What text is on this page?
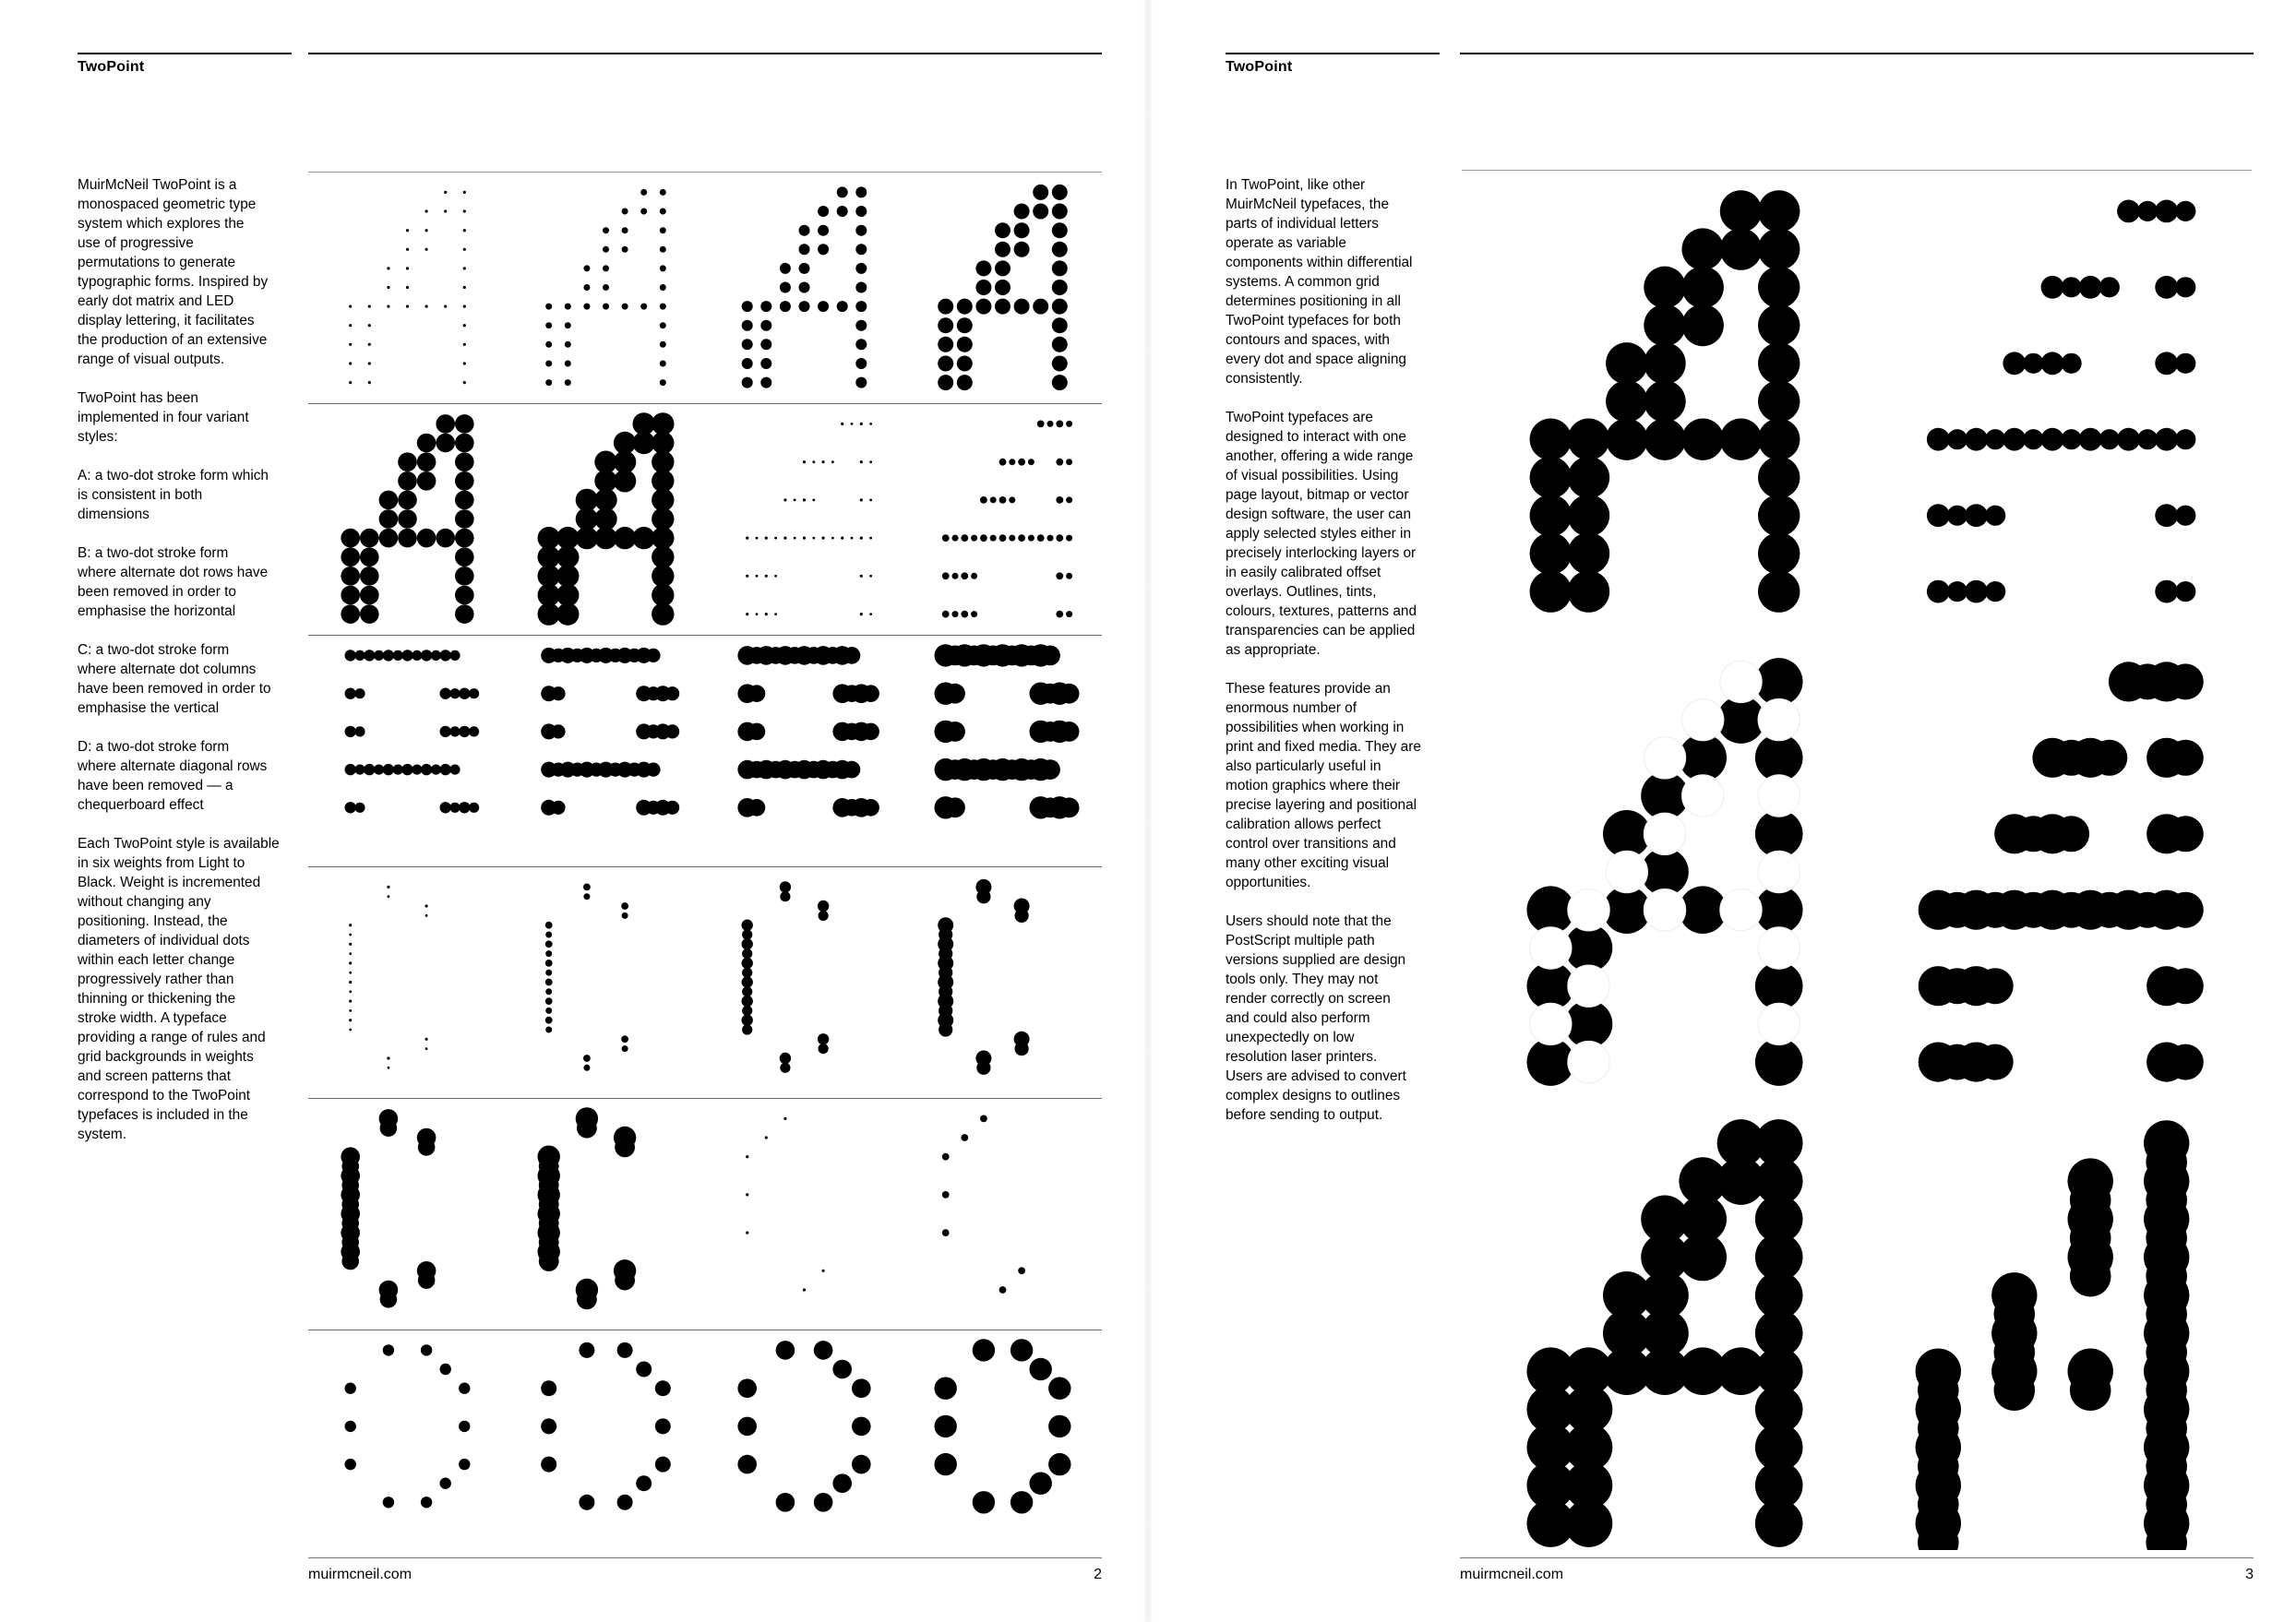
TwoPoint

MuirMcNeil TwoPoint is a
monospaced geometric type
system which explores the
use of progressive
permutations to generate
typographic forms. Inspired by
early dot matrix and LED
display lettering, it facilitates
the production of an extensive
range of visual outputs.

TwoPoint has been
implemented in four variant
styles:

A: a two-dot stroke form which
is consistent in both
dimensions

B: a two-dot stroke form
where alternate dot rows have
been removed in order to
emphasise the horizontal

C: a two-dot stroke form
where alternate dot columns
have been removed in order to
emphasise the vertical

D: a two-dot stroke form
where alternate diagonal rows
have been removed — a
chequerboard effect

Each TwoPoint style is available
in six weights from Light to
Black. Weight is incremented
without changing any
positioning. Instead, the
diameters of individual dots
within each letter change
progressively rather than
thinning or thickening the
stroke width. A typeface
providing a range of rules and
grid backgrounds in weights
and screen patterns that
correspond to the TwoPoint
typefaces is included in the
system.

muirmcneil.com	2
TwoPoint

In TwoPoint, like other
MuirMcNeil typefaces, the
parts of individual letters
operate as variable
components within differential
systems. A common grid
determines positioning in all
TwoPoint typefaces for both
contours and spaces, with
every dot and space aligning
consistently.

TwoPoint typefaces are
designed to interact with one
another, offering a wide range
of visual possibilities. Using
page layout, bitmap or vector
design software, the user can
apply selected styles either in
precisely interlocking layers or
in easily calibrated offset
overlays. Outlines, tints,
colours, textures, patterns and
transparencies can be applied
as appropriate.

These features provide an
enormous number of
possibilities when working in
print and fixed media. They are
also particularly useful in
motion graphics where their
precise layering and positional
calibration allows perfect
control over transitions and
many other exciting visual
opportunities.

Users should note that the
PostScript multiple path
versions supplied are design
tools only. They may not
render correctly on screen
and could also perform
unexpectedly on low
resolution laser printers.
Users are advised to convert
complex designs to outlines
before sending to output.

muirmcneil.com	3
